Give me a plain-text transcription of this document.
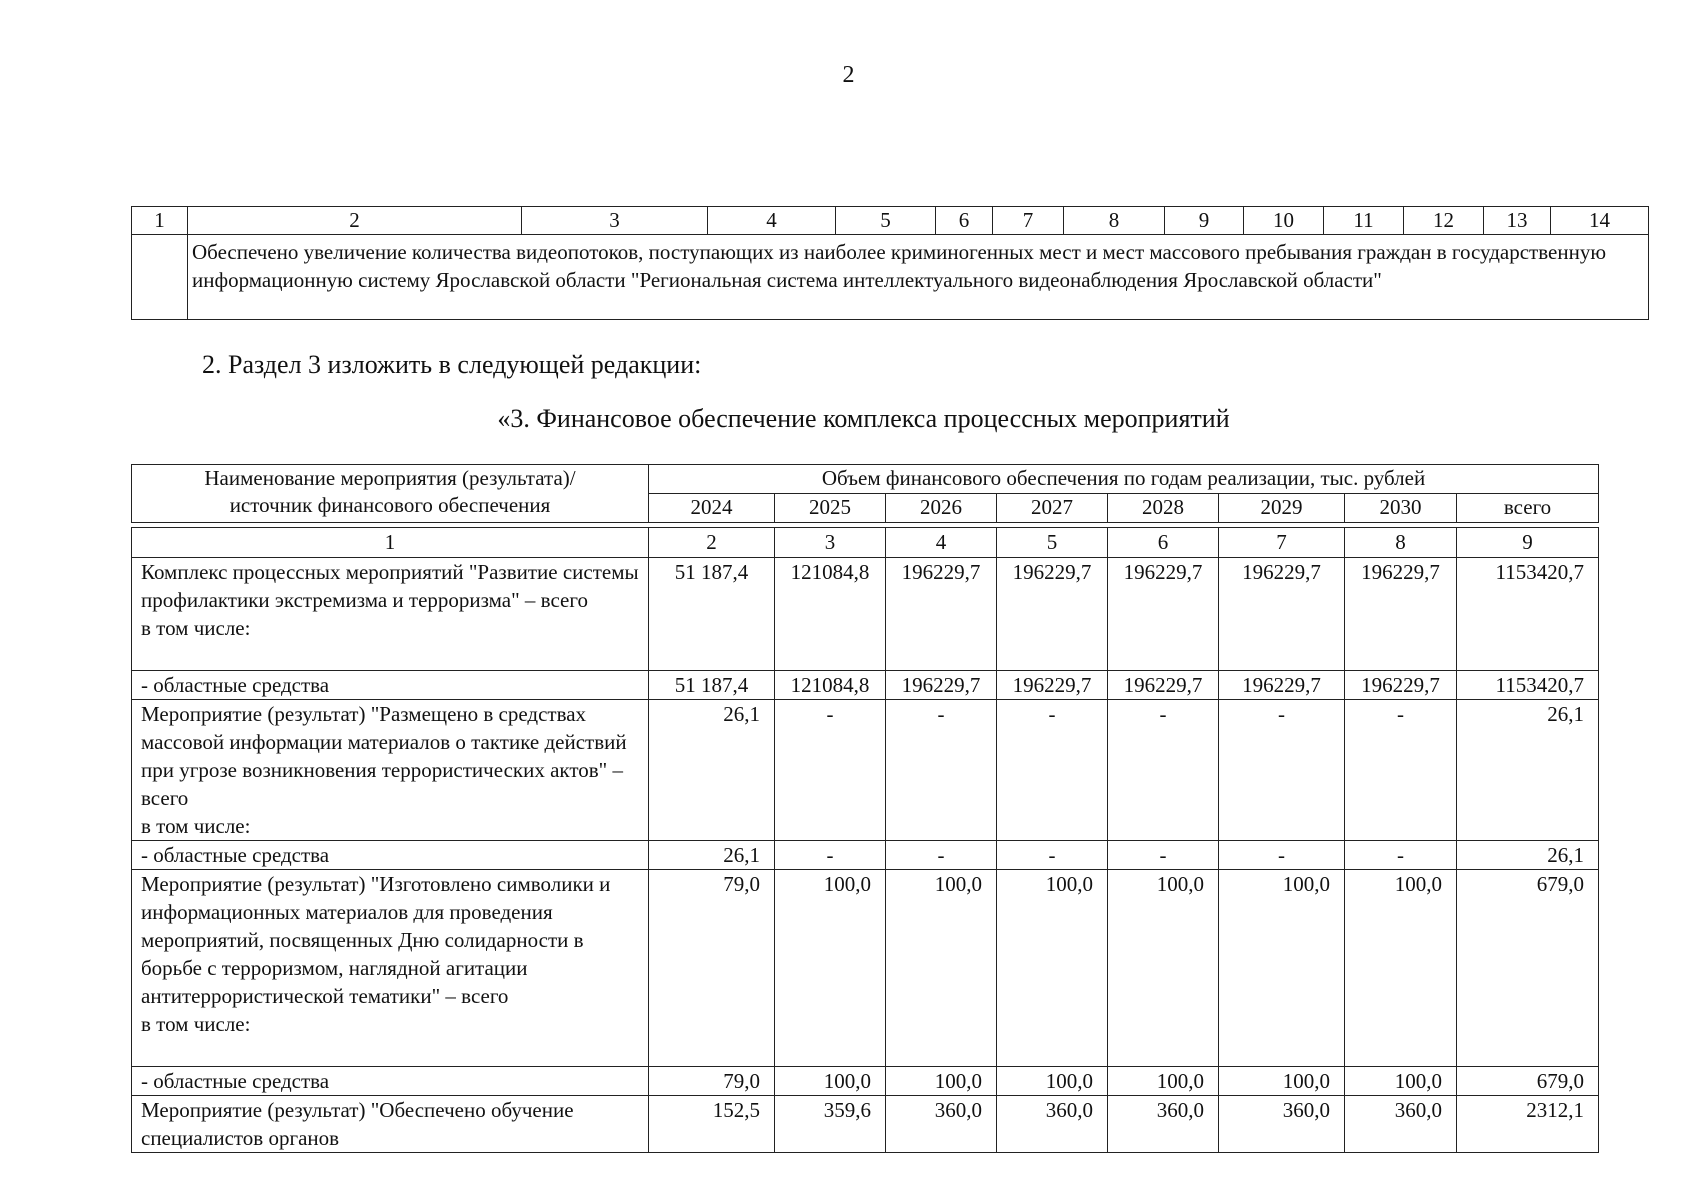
2
1	2	3	4	5	6	7	8	9	10	11	12	13	14
	Обеспечено увеличение количества видеопотоков, поступающих из наиболее криминогенных мест и мест массового пребывания граждан в государственную информационную систему Ярославской области "Региональная система интеллектуального видеонаблюдения Ярославской области"												
2. Раздел 3 изложить в следующей редакции:
«3. Финансовое обеспечение комплекса процессных мероприятий
Наименование мероприятия (результата)/ источник финансового обеспечения	Объем финансового обеспечения по годам реализации, тыс. рублей							
	2024	2025	2026	2027	2028	2029	2030	всего
1	2	3	4	5	6	7	8	9

Комплекс процессных мероприятий "Развитие системы профилактики экстремизма и терроризма" – всего
в том числе:	51 187,4	121084,8	196229,7	196229,7	196229,7	196229,7	196229,7	1153420,7
- областные средства	51 187,4	121084,8	196229,7	196229,7	196229,7	196229,7	196229,7	1153420,7

Мероприятие (результат) "Размещено в средствах массовой информации материалов о тактике действий при угрозе возникновения террористических актов" – всего
в том числе:	26,1	-	-	-	-	-	-	26,1
- областные средства	26,1	-	-	-	-	-	-	26,1

Мероприятие (результат) "Изготовлено символики и информационных материалов для проведения мероприятий, посвященных Дню солидарности в борьбе с терроризмом, наглядной агитации антитеррористической тематики" – всего
в том числе:	79,0	100,0	100,0	100,0	100,0	100,0	100,0	679,0
- областные средства	79,0	100,0	100,0	100,0	100,0	100,0	100,0	679,0
Мероприятие (результат) "Обеспечено обучение специалистов органов	152,5	359,6	360,0	360,0	360,0	360,0	360,0	2312,1
